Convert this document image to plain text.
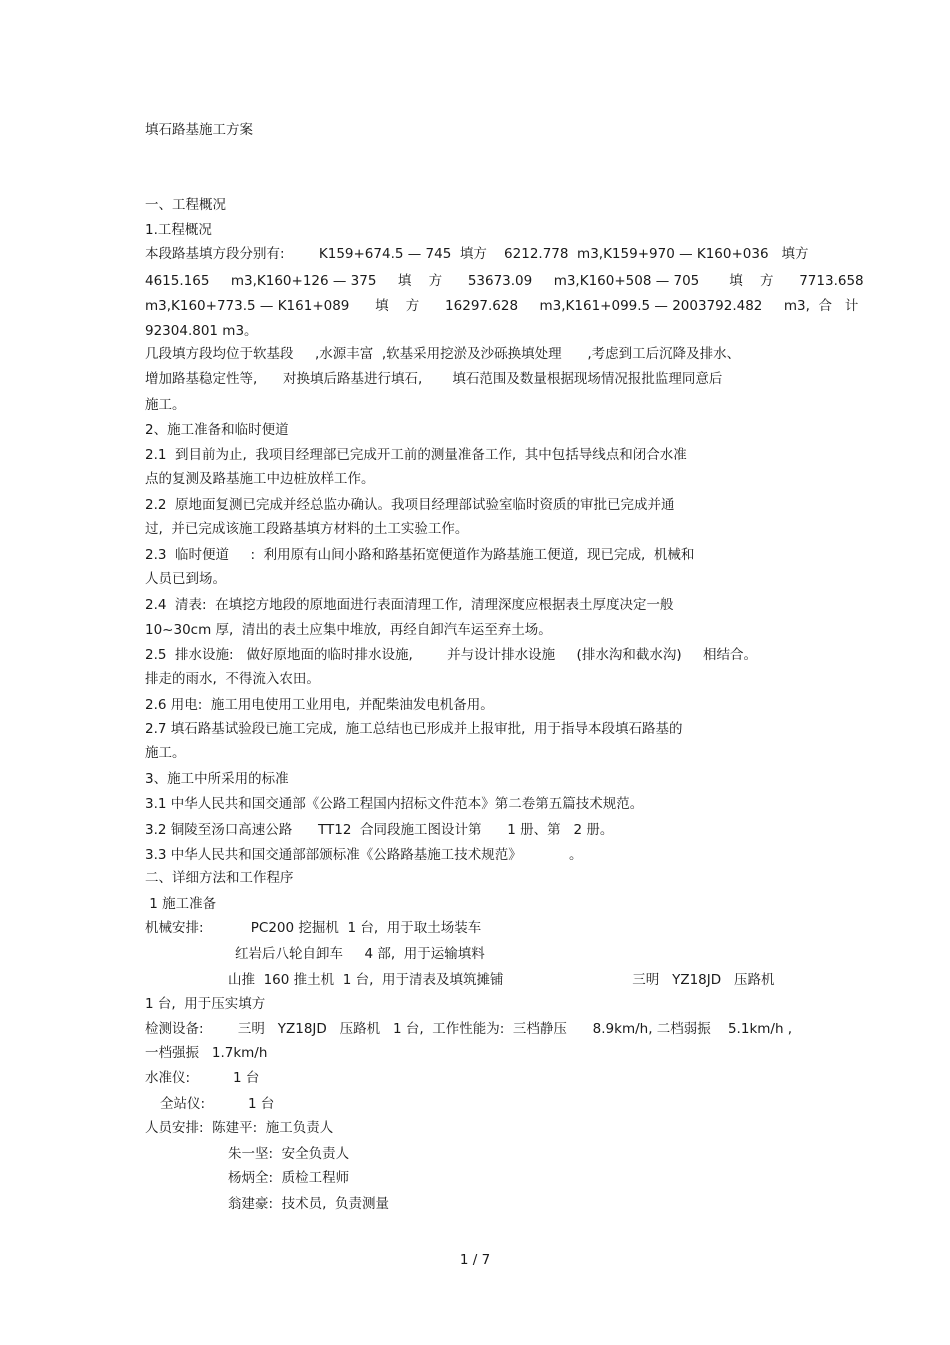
填石路基施工方案
一、工程概况
1.工程概况
本段路基填方段分别有:        K159+674.5 — 745  填方    6212.778  m3,K159+970 — K160+036   填方
4615.165     m3,K160+126 — 375     填    方      53673.09     m3,K160+508 — 705       填    方      7713.658
m3,K160+773.5 — K161+089      填    方      16297.628     m3,K161+099.5 — 2003792.482     m3,  合   计
92304.801 m3。
几段填方段均位于软基段     ,水源丰富  ,软基采用挖淤及沙砾换填处理      ,考虑到工后沉降及排水、
增加路基稳定性等,      对换填后路基进行填石,       填石范围及数量根据现场情况报批监理同意后
施工。
2、施工准备和临时便道
2.1  到目前为止,  我项目经理部已完成开工前的测量准备工作,  其中包括导线点和闭合水准
点的复测及路基施工中边桩放样工作。
2.2  原地面复测已完成并经总监办确认。我项目经理部试验室临时资质的审批已完成并通
过,  并已完成该施工段路基填方材料的土工实验工作。
2.3  临时便道     :  利用原有山间小路和路基拓宽便道作为路基施工便道,  现已完成,  机械和
人员已到场。
2.4  清表:  在填挖方地段的原地面进行表面清理工作,  清理深度应根据表土厚度决定一般
10~30cm 厚,  清出的表土应集中堆放,  再经自卸汽车运至弃土场。
2.5  排水设施:   做好原地面的临时排水设施,        并与设计排水设施     (排水沟和截水沟)     相结合。
排走的雨水,  不得流入农田。
2.6 用电:  施工用电使用工业用电,  并配柴油发电机备用。
2.7 填石路基试验段已施工完成,  施工总结也已形成并上报审批,  用于指导本段填石路基的
施工。
3、施工中所采用的标准
3.1 中华人民共和国交通部《公路工程国内招标文件范本》第二卷第五篇技术规范。
3.2 铜陵至汤口高速公路      TT12  合同段施工图设计第      1 册、第   2 册。
3.3 中华人民共和国交通部部颁标准《公路路基施工技术规范》           。
二、详细方法和工作程序
1 施工准备
机械安排:           PC200 挖掘机  1 台,  用于取土场装车
红岩后八轮自卸车     4 部,  用于运输填料
山推  160 推土机  1 台,  用于清表及填筑摊铺                              三明   YZ18JD   压路机
1 台,  用于压实填方
检测设备:        三明   YZ18JD   压路机   1 台,  工作性能为:  三档静压      8.9km/h, 二档弱振    5.1km/h ,
一档强振   1.7km/h
水准仪:          1 台
全站仪:          1 台
人员安排:  陈建平:  施工负责人
朱一坚:  安全负责人
杨炳全:  质检工程师
翁建豪:  技术员,  负责测量
1 / 7
